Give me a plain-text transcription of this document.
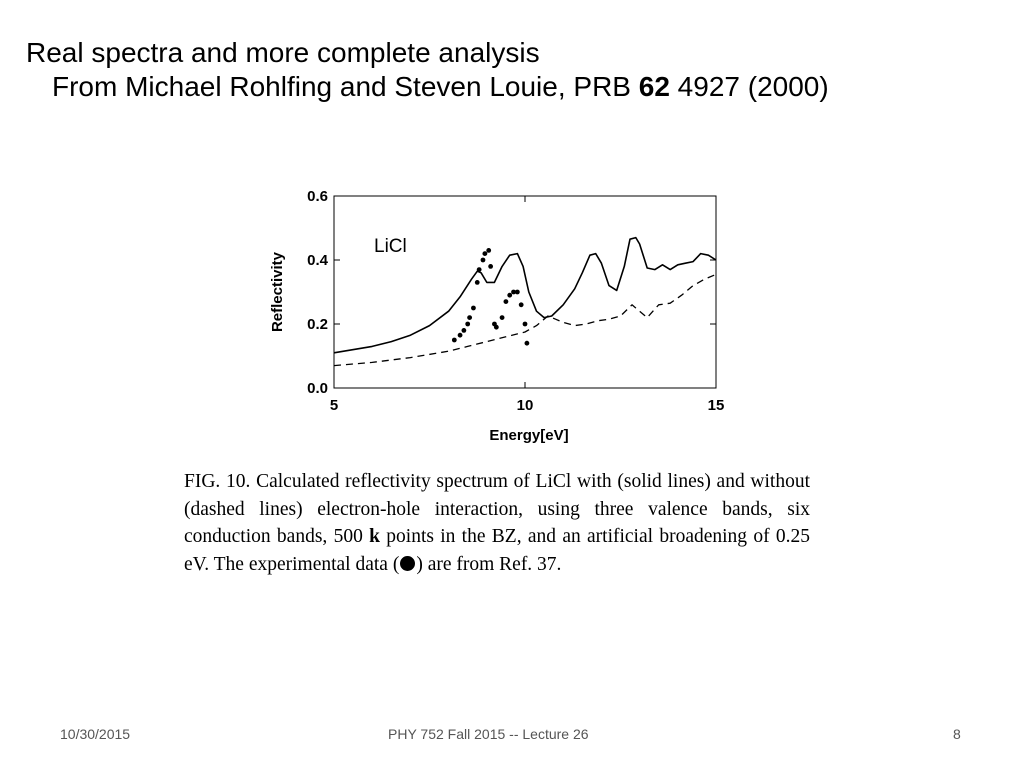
Real spectra and more complete analysis
From Michael Rohlfing and Steven Louie, PRB 62 4927 (2000)
5	10	15
0.0
0.2
0.4
0.6
Energy[eV]
Reflectivity
LiCl
FIG. 10. Calculated reflectivity spectrum of LiCl with (solid lines) and without (dashed lines) electron-hole interaction, using three valence bands, six conduction bands, 500 k points in the BZ, and an artificial broadening of 0.25 eV. The experimental data ( ) are from Ref. 37.
10/30/2015	PHY 752 Fall 2015 -- Lecture 26	8
